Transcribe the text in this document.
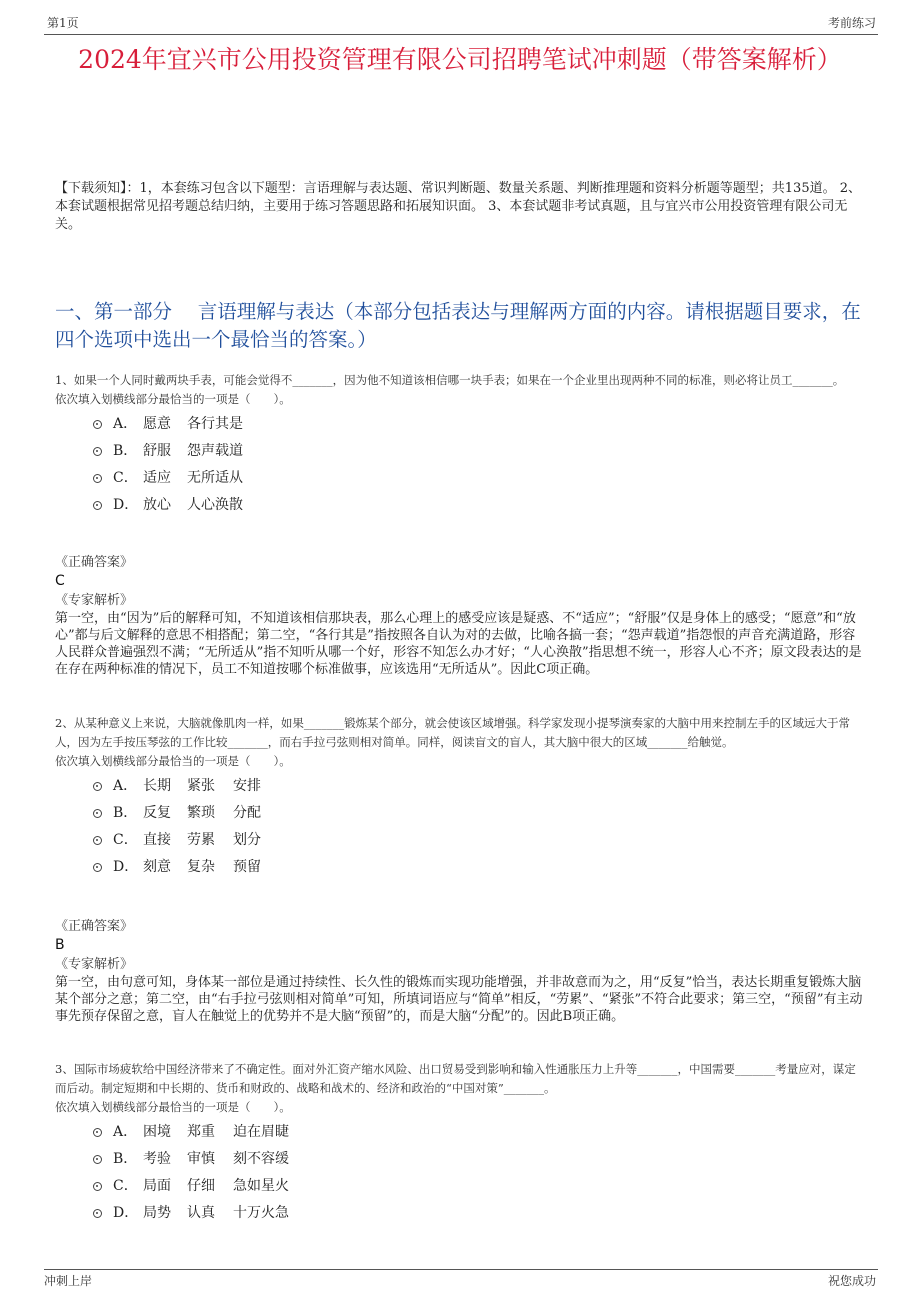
第1页	考前练习
2024年宜兴市公用投资管理有限公司招聘笔试冲刺题（带答案解析）
【下载须知】：1，本套练习包含以下题型：言语理解与表达题、常识判断题、数量关系题、判断推理题和资料分析题等题型；共135道。 2、本套试题根据常见招考题总结归纳，主要用于练习答题思路和拓展知识面。 3、本套试题非考试真题，且与宜兴市公用投资管理有限公司无关。
一、第一部分　 言语理解与表达（本部分包括表达与理解两方面的内容。请根据题目要求，在四个选项中选出一个最恰当的答案。）
1、如果一个人同时戴两块手表，可能会觉得不_______，因为他不知道该相信哪一块手表；如果在一个企业里出现两种不同的标准，则必将让员工_______。
依次填入划横线部分最恰当的一项是（　　）。
A． 愿意 各行其是
B． 舒服 怨声载道
C． 适应 无所适从
D． 放心 人心涣散
《正确答案》
C
《专家解析》
第一空，由“因为”后的解释可知，不知道该相信那块表，那么心理上的感受应该是疑惑、不“适应”；“舒服”仅是身体上的感受；“愿意”和“放心”都与后文解释的意思不相搭配；第二空，“各行其是”指按照各自认为对的去做，比喻各搞一套；“怨声载道”指怨恨的声音充满道路，形容人民群众普遍强烈不满；“无所适从”指不知听从哪一个好，形容不知怎么办才好；“人心涣散”指思想不统一，形容人心不齐；原文段表达的是在存在两种标准的情况下，员工不知道按哪个标准做事，应该选用“无所适从”。因此C项正确。
2、从某种意义上来说，大脑就像肌肉一样，如果_______锻炼某个部分，就会使该区域增强。科学家发现小提琴演奏家的大脑中用来控制左手的区域远大于常人，因为左手按压琴弦的工作比较_______，而右手拉弓弦则相对简单。同样，阅读盲文的盲人，其大脑中很大的区域_______给触觉。
依次填入划横线部分最恰当的一项是（　　）。
A． 长期 紧张 安排
B． 反复 繁琐 分配
C． 直接 劳累 划分
D． 刻意 复杂 预留
《正确答案》
B
《专家解析》
第一空，由句意可知，身体某一部位是通过持续性、长久性的锻炼而实现功能增强，并非故意而为之，用“反复”恰当，表达长期重复锻炼大脑某个部分之意；第二空，由“右手拉弓弦则相对简单”可知，所填词语应与“简单”相反，“劳累”、“紧张”不符合此要求；第三空，“预留”有主动事先预存保留之意，盲人在触觉上的优势并不是大脑“预留”的，而是大脑“分配”的。因此B项正确。
3、国际市场疲软给中国经济带来了不确定性。面对外汇资产缩水风险、出口贸易受到影响和输入性通胀压力上升等_______，中国需要_______考量应对，谋定而后动。制定短期和中长期的、货币和财政的、战略和战术的、经济和政治的“中国对策”_______。
依次填入划横线部分最恰当的一项是（　　）。
A． 困境 郑重 迫在眉睫
B． 考验 审慎 刻不容缓
C． 局面 仔细 急如星火
D． 局势 认真 十万火急
冲刺上岸	祝您成功
